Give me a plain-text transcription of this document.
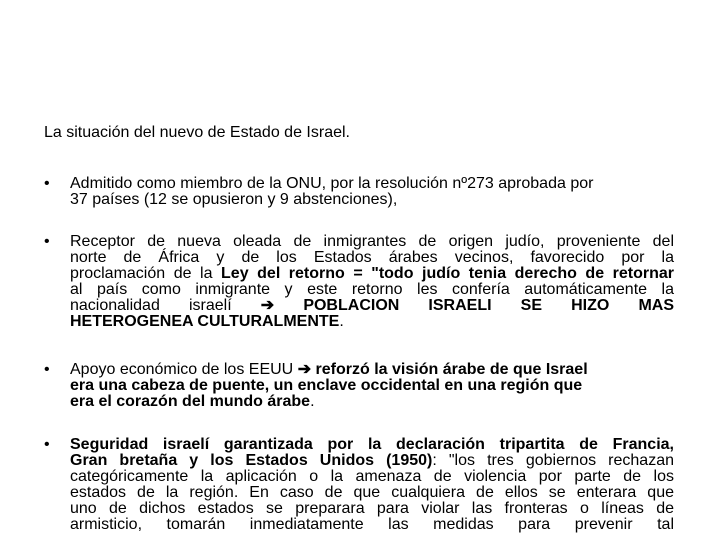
La situación del nuevo de Estado de Israel.
• Admitido como miembro de la ONU, por la resolución nº273 aprobada por
37 países (12 se opusieron y 9 abstenciones),
• Receptor de nueva oleada de inmigrantes de origen judío, proveniente del
norte de África y de los Estados árabes vecinos, favorecido por la
proclamación de la Ley del retorno = "todo judío tenia derecho de retornar
al país como inmigrante y este retorno les confería automáticamente la
nacionalidad israelí ➔ POBLACION ISRAELI SE HIZO MAS
HETEROGENEA CULTURALMENTE.
• Apoyo económico de los EEUU ➔ reforzó la visión árabe de que Israel
era una cabeza de puente, un enclave occidental en una región que
era el corazón del mundo árabe.
• Seguridad israelí garantizada por la declaración tripartita de Francia,
Gran bretaña y los Estados Unidos (1950): "los tres gobiernos rechazan
categóricamente la aplicación o la amenaza de violencia por parte de los
estados de la región. En caso de que cualquiera de ellos se enterara que
uno de dichos estados se preparara para violar las fronteras o líneas de
armisticio, tomarán inmediatamente las medidas para prevenir tal
